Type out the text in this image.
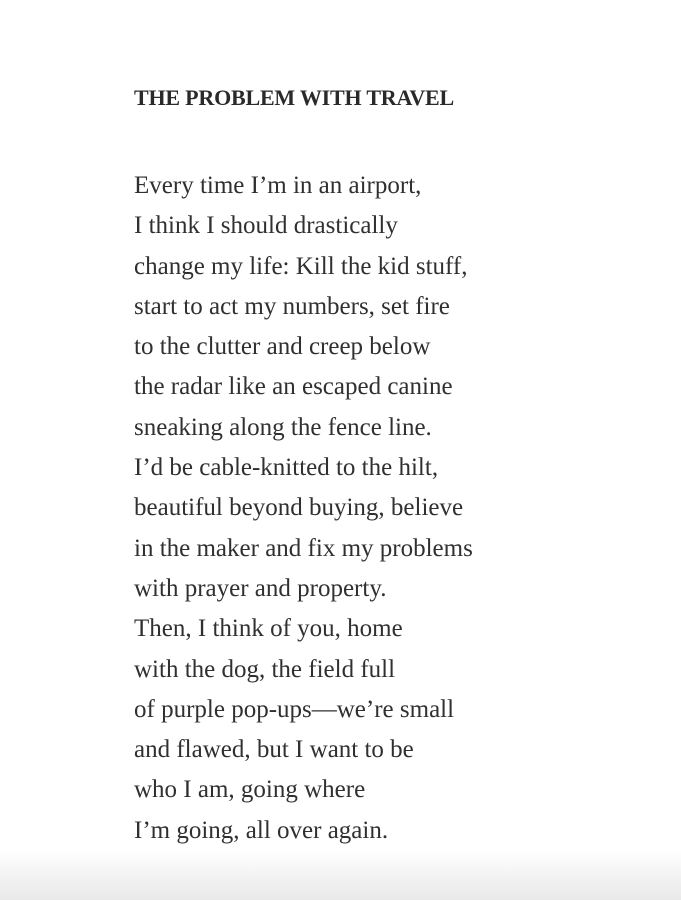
THE PROBLEM WITH TRAVEL
Every time I’m in an airport,
I think I should drastically
change my life: Kill the kid stuff,
start to act my numbers, set fire
to the clutter and creep below
the radar like an escaped canine
sneaking along the fence line.
I’d be cable-knitted to the hilt,
beautiful beyond buying, believe
in the maker and fix my problems
with prayer and property.
Then, I think of you, home
with the dog, the field full
of purple pop-ups—we’re small
and flawed, but I want to be
who I am, going where
I’m going, all over again.
